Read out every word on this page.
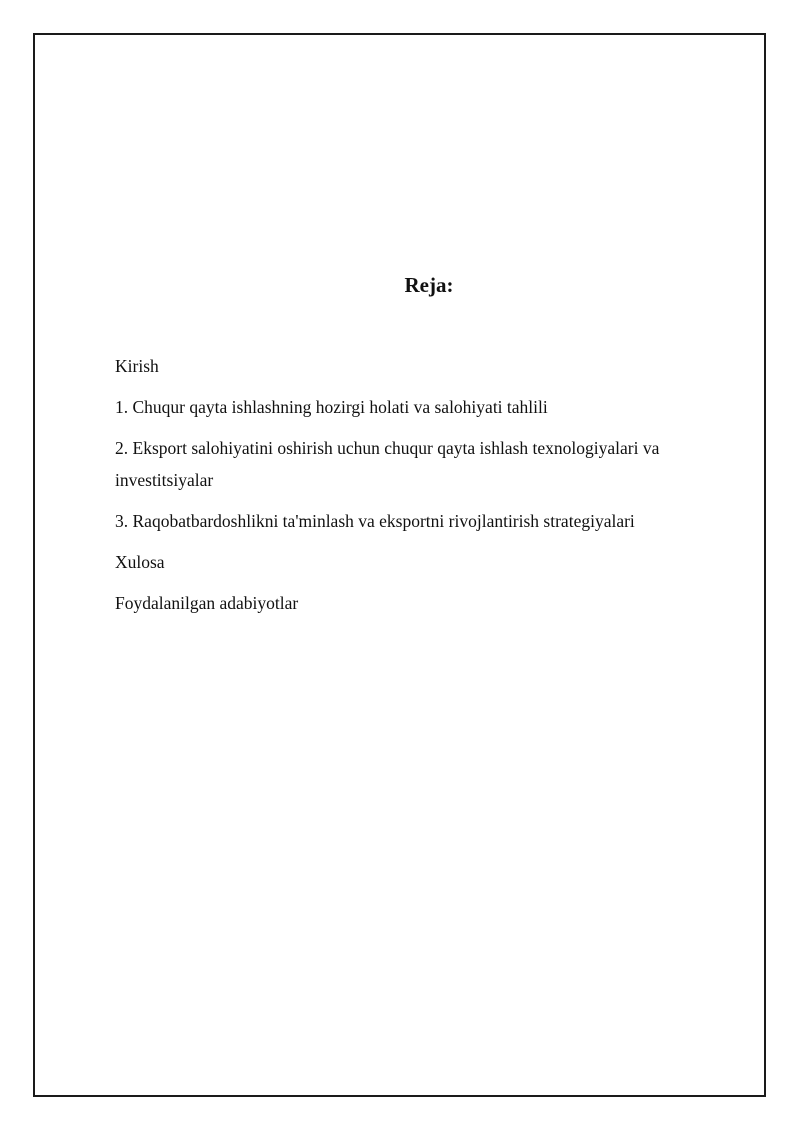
Reja:
Kirish
1. Chuqur qayta ishlashning hozirgi holati va salohiyati tahlili
2. Eksport salohiyatini oshirish uchun chuqur qayta ishlash texnologiyalari va investitsiyalar
3. Raqobatbardoshlikni ta'minlash va eksportni rivojlantirish strategiyalari
Xulosa
Foydalanilgan adabiyotlar
